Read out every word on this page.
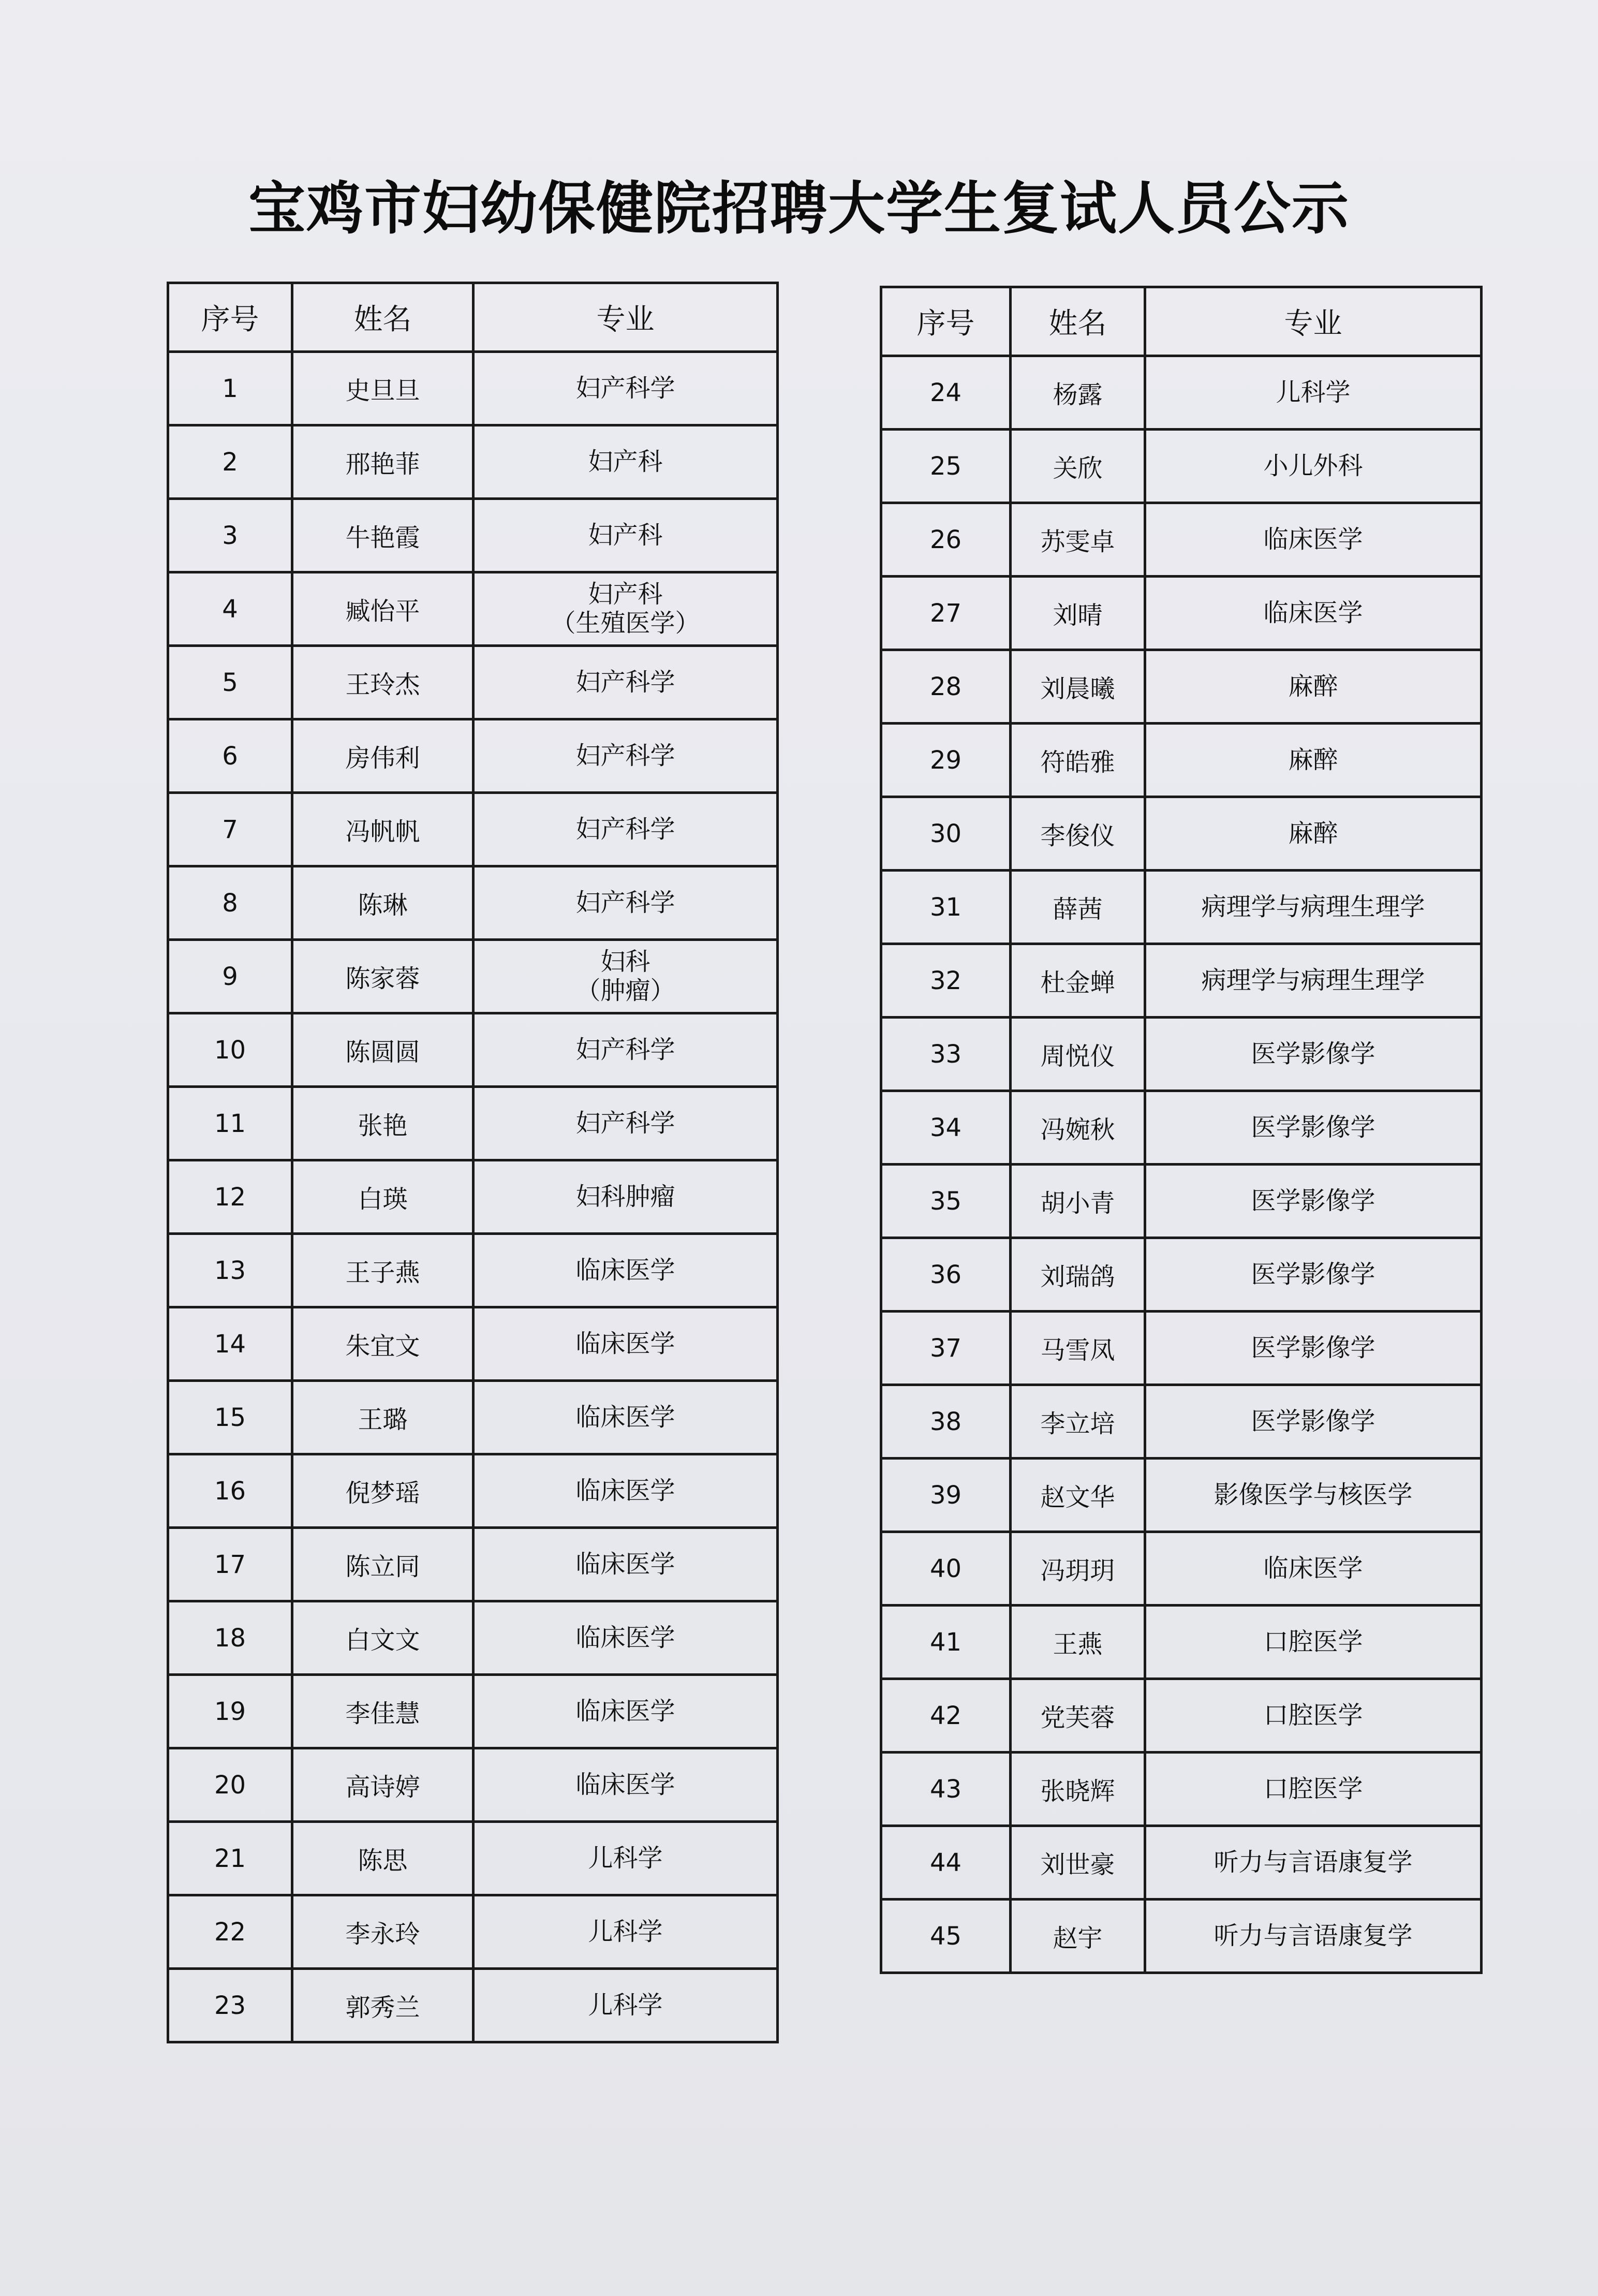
宝鸡市妇幼保健院招聘大学生复试人员公示
序号	姓名	专业
1	史旦旦	妇产科学

2	邢艳菲	妇产科

3	牛艳霞	妇产科

4	臧怡平	妇产科
（生殖医学）

5	王玲杰	妇产科学

6	房伟利	妇产科学

7	冯帆帆	妇产科学

8	陈琳	妇产科学

9	陈家蓉	妇科
（肿瘤）

10	陈圆圆	妇产科学

11	张艳	妇产科学

12	白瑛	妇科肿瘤

13	王子燕	临床医学

14	朱宜文	临床医学

15	王璐	临床医学

16	倪梦瑶	临床医学

17	陈立同	临床医学

18	白文文	临床医学

19	李佳慧	临床医学

20	高诗婷	临床医学

21	陈思	儿科学

22	李永玲	儿科学

23	郭秀兰	儿科学
序号	姓名	专业
24	杨露	儿科学

25	关欣	小儿外科

26	苏雯卓	临床医学

27	刘晴	临床医学

28	刘晨曦	麻醉

29	符皓雅	麻醉

30	李俊仪	麻醉

31	薛茜	病理学与病理生理学

32	杜金蝉	病理学与病理生理学

33	周悦仪	医学影像学

34	冯婉秋	医学影像学

35	胡小青	医学影像学

36	刘瑞鸽	医学影像学

37	马雪凤	医学影像学

38	李立培	医学影像学

39	赵文华	影像医学与核医学

40	冯玥玥	临床医学

41	王燕	口腔医学

42	党芙蓉	口腔医学

43	张晓辉	口腔医学

44	刘世豪	听力与言语康复学

45	赵宇	听力与言语康复学
